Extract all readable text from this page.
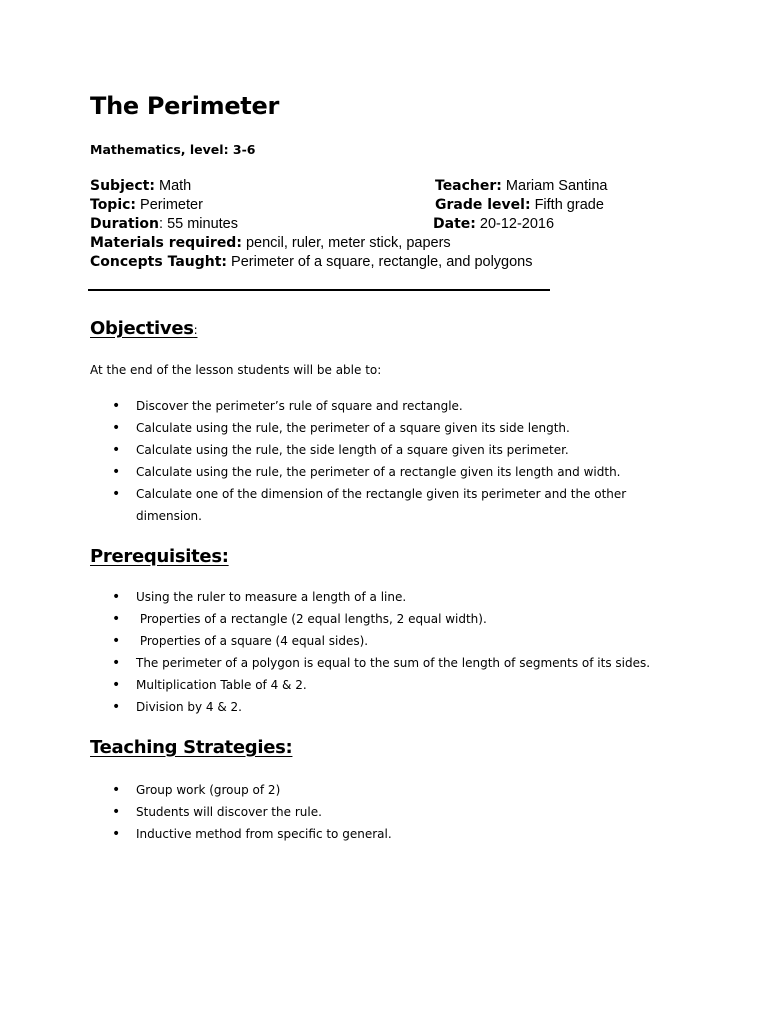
The Perimeter
Mathematics, level: 3-6
Subject: Math	Teacher: Mariam Santina
Topic: Perimeter	Grade level: Fifth grade
Duration: 55 minutes	Date: 20-12-2016
Materials required: pencil, ruler, meter stick, papers
Concepts Taught: Perimeter of a square, rectangle, and polygons
Objectives:
At the end of the lesson students will be able to:
• Discover the perimeter’s rule of square and rectangle.
• Calculate using the rule, the perimeter of a square given its side length.
• Calculate using the rule, the side length of a square given its perimeter.
• Calculate using the rule, the perimeter of a rectangle given its length and width.
• Calculate one of the dimension of the rectangle given its perimeter and the other dimension.
Prerequisites:
• Using the ruler to measure a length of a line.
• Properties of a rectangle (2 equal lengths, 2 equal width).
• Properties of a square (4 equal sides).
• The perimeter of a polygon is equal to the sum of the length of segments of its sides.
• Multiplication Table of 4 & 2.
• Division by 4 & 2.
Teaching Strategies:
• Group work (group of 2)
• Students will discover the rule.
• Inductive method from specific to general.
